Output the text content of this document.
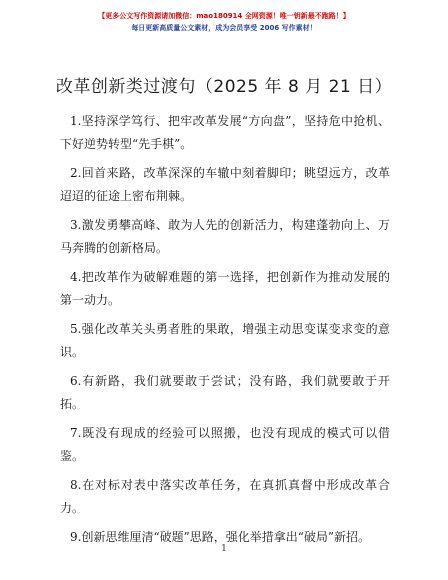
【更多公文写作资源请加微信：mao180914 全网资源！唯一钥新最不跑路！】
每日更新高质量公文素材，成为会员享受 2006 写作素材！
改革创新类过渡句（2025 年 8 月 21 日）
1.坚持深学笃行、把牢改革发展“方向盘”，坚持危中抢机、下好逆势转型“先手棋”。
2.回首来路，改革深深的车辙中刻着脚印；眺望远方，改革迢迢的征途上密布荆棘。
3.激发勇攀高峰、敢为人先的创新活力，构建蓬勃向上、万马奔腾的创新格局。
4.把改革作为破解难题的第一选择，把创新作为推动发展的第一动力。
5.强化改革关头勇者胜的果敢，增强主动思变谋变求变的意识。
6.有新路，我们就要敢于尝试；没有路，我们就要敢于开拓。
7.既没有现成的经验可以照搬，也没有现成的模式可以借鉴。
8.在对标对表中落实改革任务，在真抓真督中形成改革合力。
9.创新思维厘清“破题”思路，强化举措拿出“破局”新招。
1
